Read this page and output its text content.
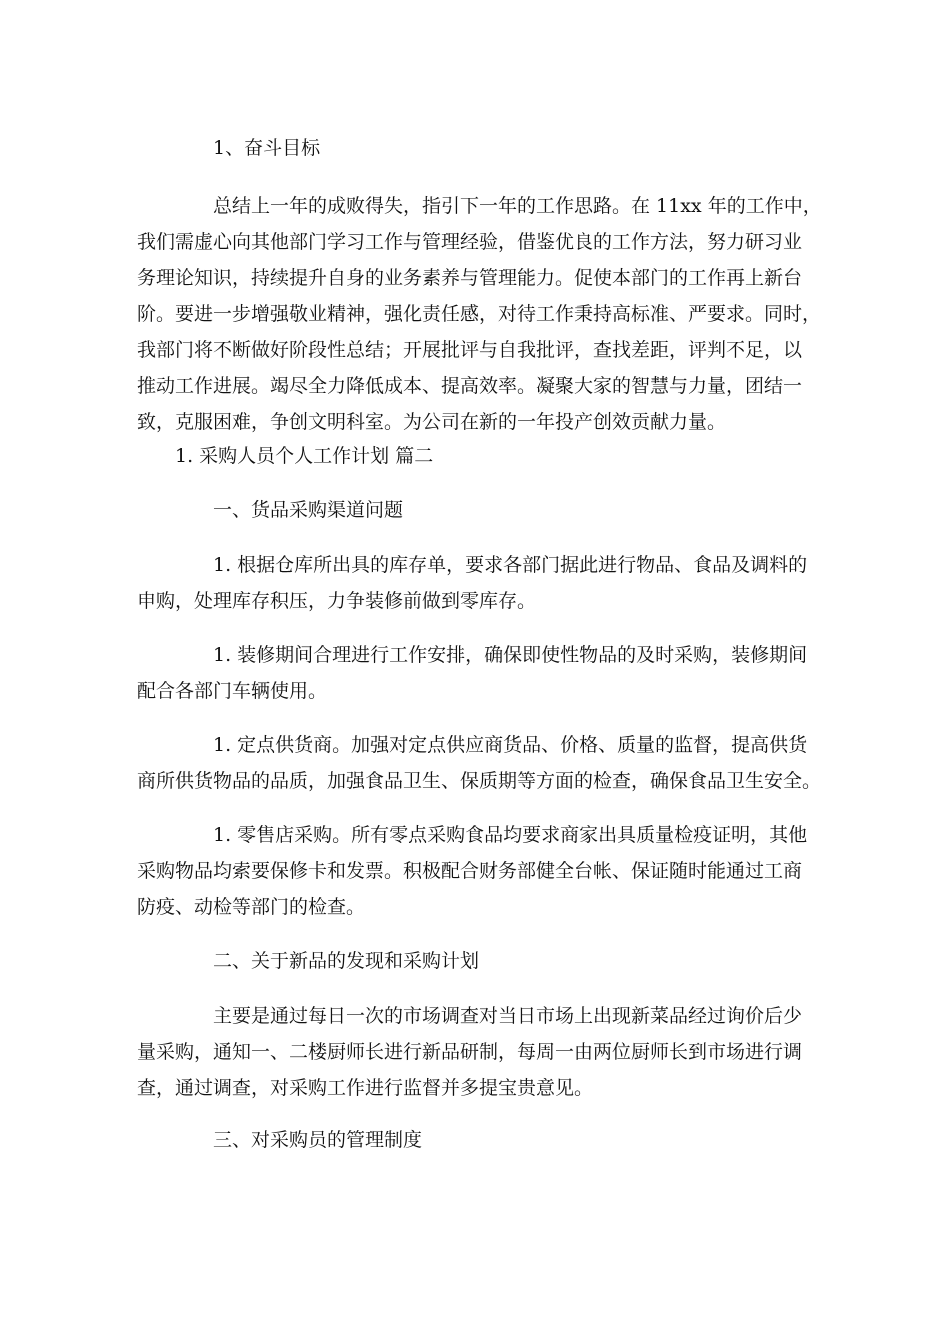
1、奋斗目标
总结上一年的成败得失，指引下一年的工作思路。在 11xx 年的工作中，
我们需虚心向其他部门学习工作与管理经验，借鉴优良的工作方法，努力研习业
务理论知识，持续提升自身的业务素养与管理能力。促使本部门的工作再上新台
阶。要进一步增强敬业精神，强化责任感，对待工作秉持高标准、严要求。同时，
我部门将不断做好阶段性总结；开展批评与自我批评，查找差距，评判不足，以
推动工作进展。竭尽全力降低成本、提高效率。凝聚大家的智慧与力量，团结一
致，克服困难，争创文明科室。为公司在新的一年投产创效贡献力量。
1. 采购人员个人工作计划 篇二
一、货品采购渠道问题
1. 根据仓库所出具的库存单，要求各部门据此进行物品、食品及调料的
申购，处理库存积压，力争装修前做到零库存。
1. 装修期间合理进行工作安排，确保即使性物品的及时采购，装修期间
配合各部门车辆使用。
1. 定点供货商。加强对定点供应商货品、价格、质量的监督，提高供货
商所供货物品的品质，加强食品卫生、保质期等方面的检查，确保食品卫生安全。
1. 零售店采购。所有零点采购食品均要求商家出具质量检疫证明，其他
采购物品均索要保修卡和发票。积极配合财务部健全台帐、保证随时能通过工商
防疫、动检等部门的检查。
二、关于新品的发现和采购计划
主要是通过每日一次的市场调查对当日市场上出现新菜品经过询价后少
量采购，通知一、二楼厨师长进行新品研制，每周一由两位厨师长到市场进行调
查，通过调查，对采购工作进行监督并多提宝贵意见。
三、对采购员的管理制度
